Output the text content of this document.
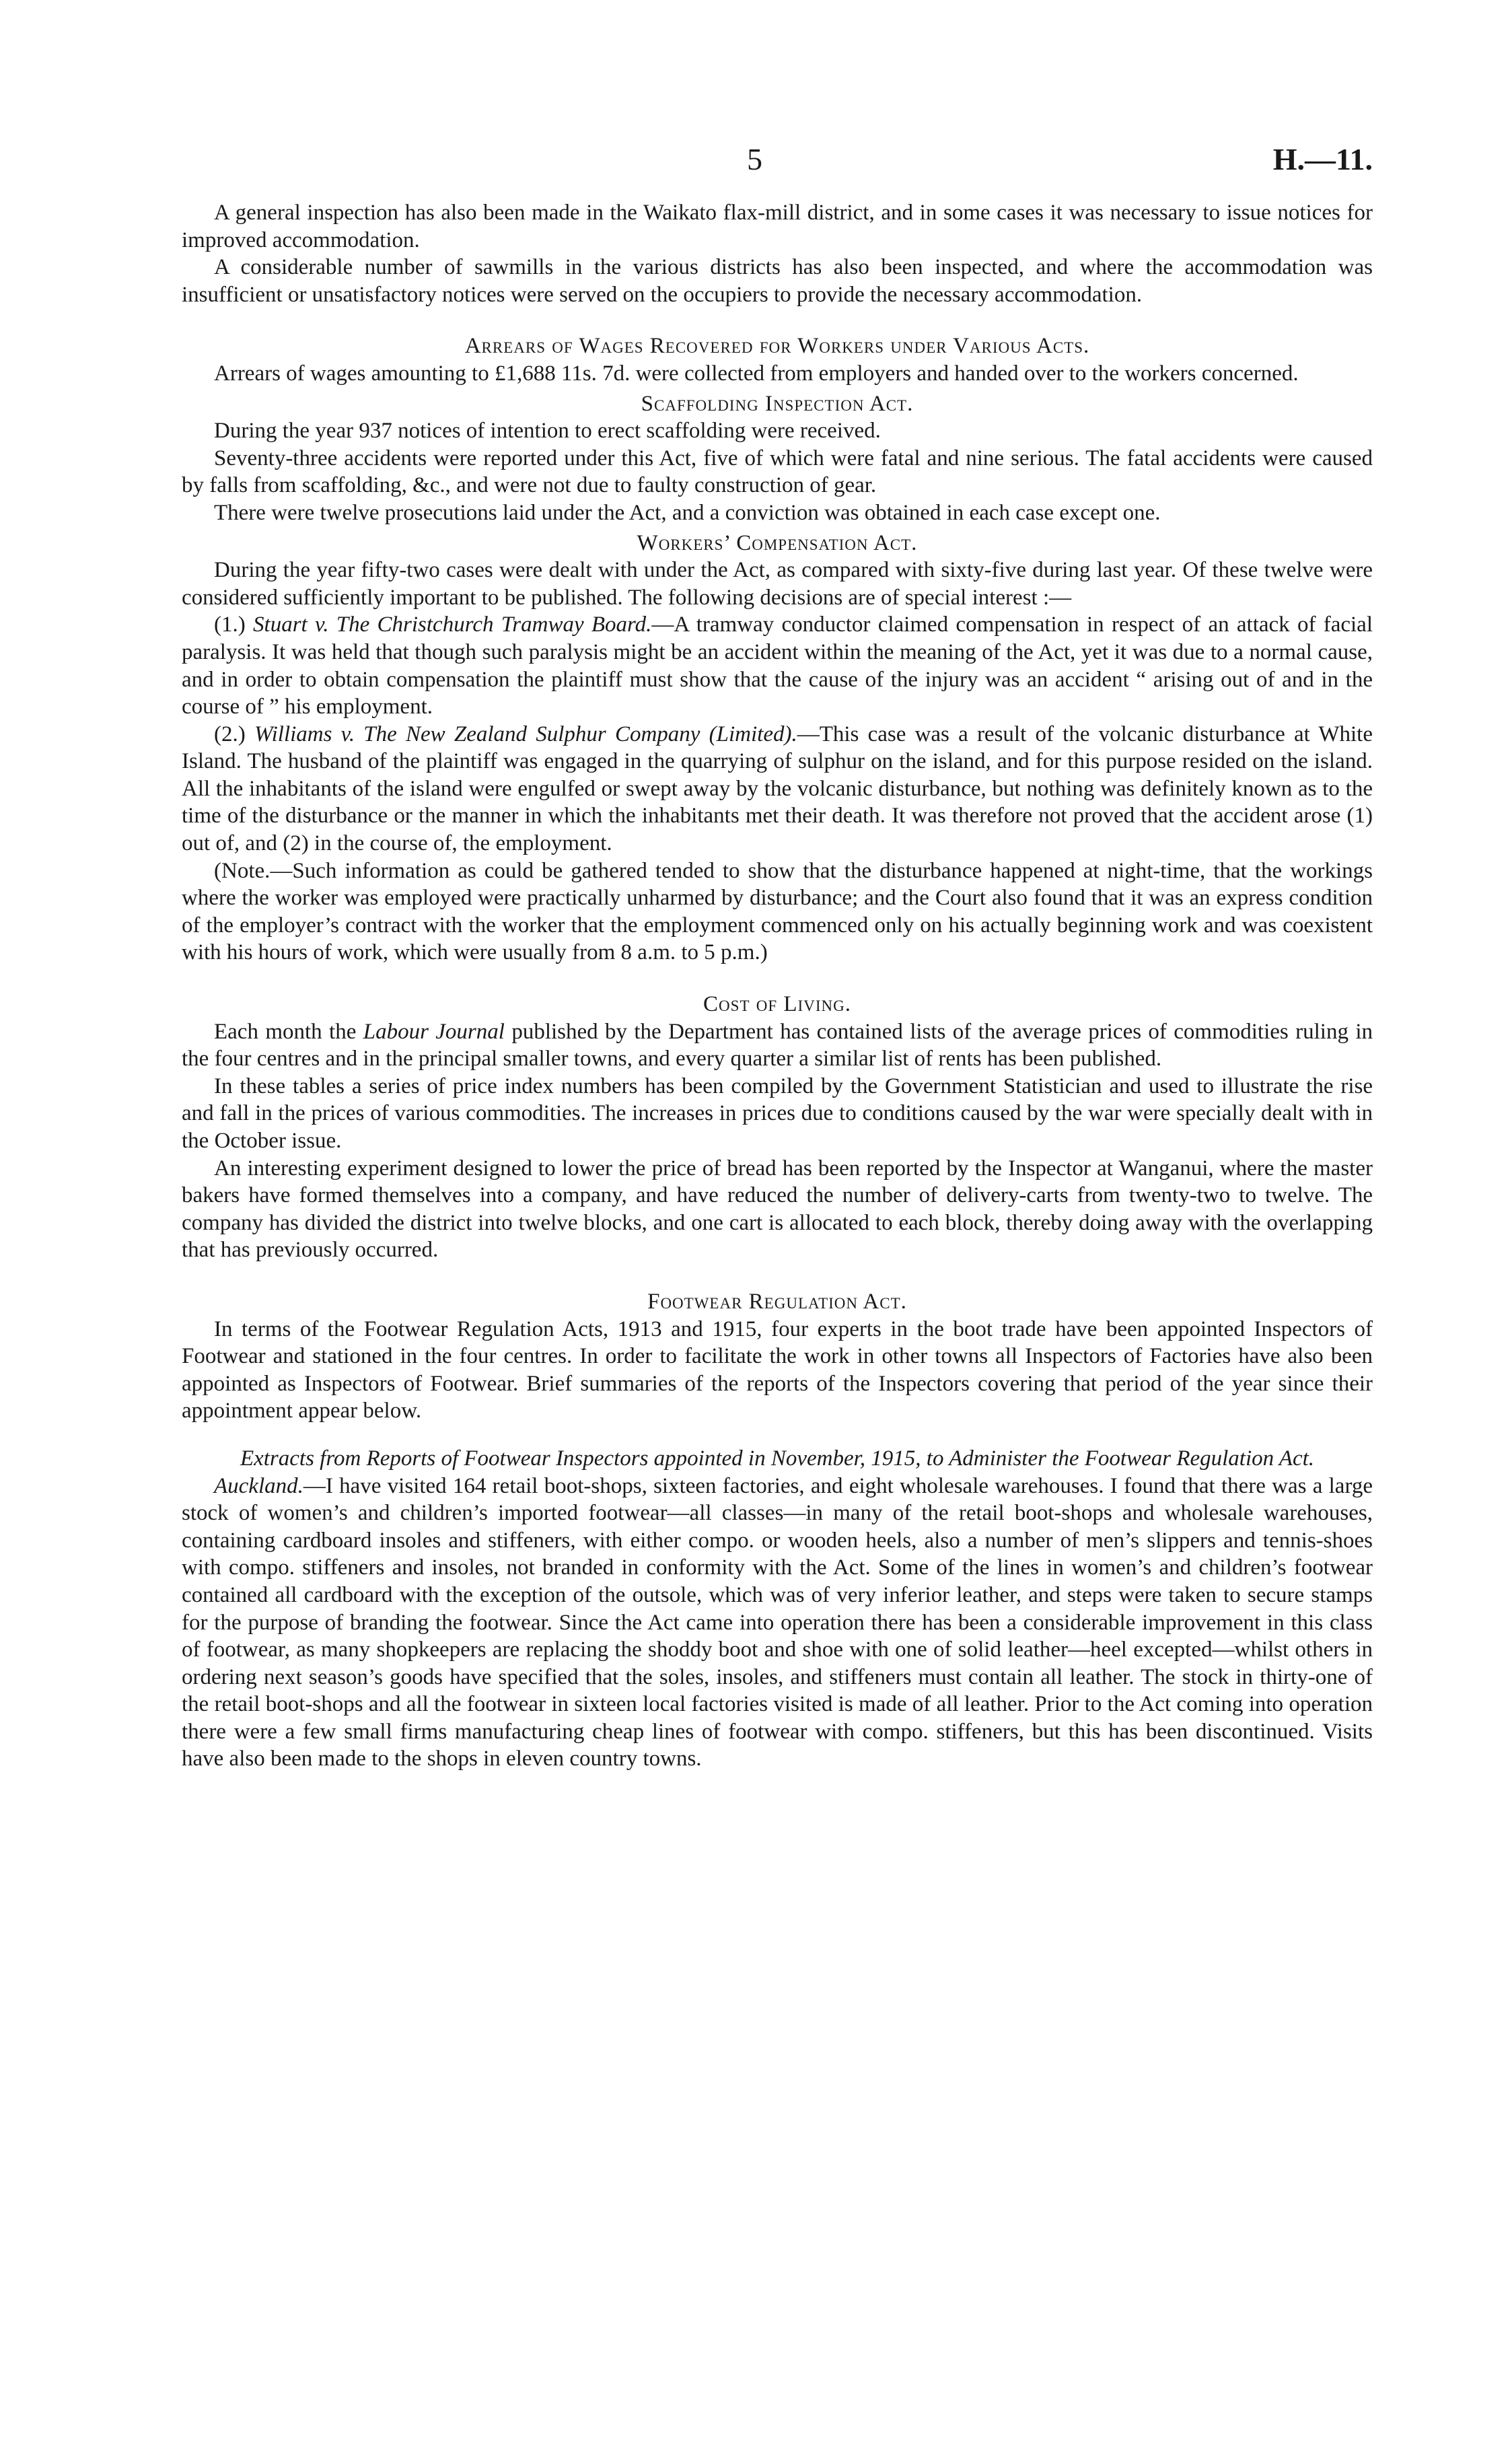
5	H.—11.

A general inspection has also been made in the Waikato flax-mill district, and in some cases it was necessary to issue notices for improved accommodation.

A considerable number of sawmills in the various districts has also been inspected, and where the accommodation was insufficient or unsatisfactory notices were served on the occupiers to provide the necessary accommodation.

Arrears of Wages Recovered for Workers under Various Acts.

Arrears of wages amounting to £1,688 11s. 7d. were collected from employers and handed over to the workers concerned.

Scaffolding Inspection Act.

During the year 937 notices of intention to erect scaffolding were received.

Seventy-three accidents were reported under this Act, five of which were fatal and nine serious. The fatal accidents were caused by falls from scaffolding, &c., and were not due to faulty construction of gear.

There were twelve prosecutions laid under the Act, and a conviction was obtained in each case except one.

Workers’ Compensation Act.

During the year fifty-two cases were dealt with under the Act, as compared with sixty-five during last year. Of these twelve were considered sufficiently important to be published. The following decisions are of special interest :—

(1.) Stuart v. The Christchurch Tramway Board.—A tramway conductor claimed compensation in respect of an attack of facial paralysis. It was held that though such paralysis might be an accident within the meaning of the Act, yet it was due to a normal cause, and in order to obtain compensation the plaintiff must show that the cause of the injury was an accident “ arising out of and in the course of ” his employment.

(2.) Williams v. The New Zealand Sulphur Company (Limited).—This case was a result of the volcanic disturbance at White Island. The husband of the plaintiff was engaged in the quarrying of sulphur on the island, and for this purpose resided on the island. All the inhabitants of the island were engulfed or swept away by the volcanic disturbance, but nothing was definitely known as to the time of the disturbance or the manner in which the inhabitants met their death. It was therefore not proved that the accident arose (1) out of, and (2) in the course of, the employment.

(Note.—Such information as could be gathered tended to show that the disturbance happened at night-time, that the workings where the worker was employed were practically unharmed by disturbance; and the Court also found that it was an express condition of the employer’s contract with the worker that the employment commenced only on his actually beginning work and was coexistent with his hours of work, which were usually from 8 a.m. to 5 p.m.)

Cost of Living.

Each month the Labour Journal published by the Department has contained lists of the average prices of commodities ruling in the four centres and in the principal smaller towns, and every quarter a similar list of rents has been published.

In these tables a series of price index numbers has been compiled by the Government Statistician and used to illustrate the rise and fall in the prices of various commodities. The increases in prices due to conditions caused by the war were specially dealt with in the October issue.

An interesting experiment designed to lower the price of bread has been reported by the Inspector at Wanganui, where the master bakers have formed themselves into a company, and have reduced the number of delivery-carts from twenty-two to twelve. The company has divided the district into twelve blocks, and one cart is allocated to each block, thereby doing away with the overlapping that has previously occurred.

Footwear Regulation Act.

In terms of the Footwear Regulation Acts, 1913 and 1915, four experts in the boot trade have been appointed Inspectors of Footwear and stationed in the four centres. In order to facilitate the work in other towns all Inspectors of Factories have also been appointed as Inspectors of Footwear. Brief summaries of the reports of the Inspectors covering that period of the year since their appointment appear below.

Extracts from Reports of Footwear Inspectors appointed in November, 1915, to Administer the Footwear Regulation Act.

Auckland.—I have visited 164 retail boot-shops, sixteen factories, and eight wholesale warehouses. I found that there was a large stock of women’s and children’s imported footwear—all classes—in many of the retail boot-shops and wholesale warehouses, containing cardboard insoles and stiffeners, with either compo. or wooden heels, also a number of men’s slippers and tennis-shoes with compo. stiffeners and insoles, not branded in conformity with the Act. Some of the lines in women’s and children’s footwear contained all cardboard with the exception of the outsole, which was of very inferior leather, and steps were taken to secure stamps for the purpose of branding the footwear. Since the Act came into operation there has been a considerable improvement in this class of footwear, as many shopkeepers are replacing the shoddy boot and shoe with one of solid leather—heel excepted—whilst others in ordering next season’s goods have specified that the soles, insoles, and stiffeners must contain all leather. The stock in thirty-one of the retail boot-shops and all the footwear in sixteen local factories visited is made of all leather. Prior to the Act coming into operation there were a few small firms manufacturing cheap lines of footwear with compo. stiffeners, but this has been discontinued. Visits have also been made to the shops in eleven country towns.
